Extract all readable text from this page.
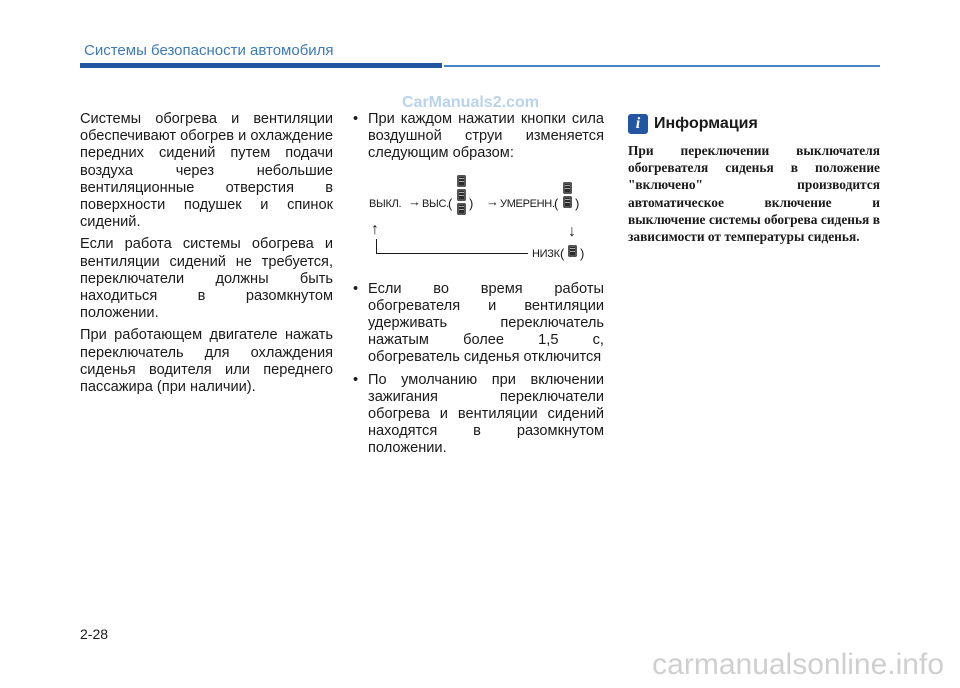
Системы безопасности автомобиля
CarManuals2.com

Системы обогрева и вентиляции обеспечивают обогрев и охлаждение передних сидений путем подачи воздуха через небольшие вентиляционные отверстия в поверхности подушек и спинок сидений.

Если работа системы обогрева и вентиляции сидений не требуется, переключатели должны быть находиться в разомкнутом положении.

При работающем двигателе нажать переключатель для охлаждения сиденья водителя или переднего пассажира (при наличии).

• При каждом нажатии кнопки сила воздушной струи изменяется следующим образом:
ВЫКЛ. → ВЫС. ( ) → УМЕРЕНН. ( )
↑	↓
НИЗК ( )
• Если во время работы обогревателя и вентиляции удерживать переключатель нажатым более 1,5 с, обогреватель сиденья отключится
• По умолчанию при включении зажигания переключатели обогрева и вентиляции сидений находятся в разомкнутом положении.
i Информация
При переключении выключателя обогревателя сиденья в положение "включено" производится автоматическое включение и выключение системы обогрева сиденья в зависимости от температуры сиденья.
2-28
carmanualsonline.info
